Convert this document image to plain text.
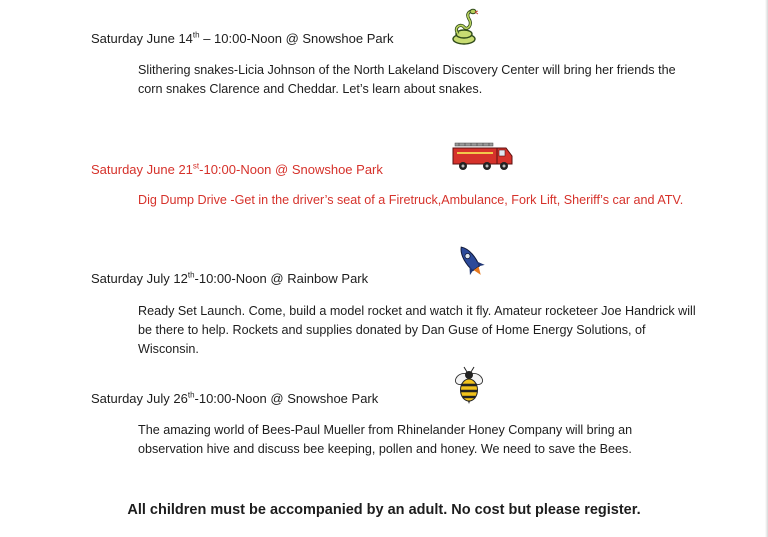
Saturday June 14th – 10:00-Noon @ Snowshoe Park
Slithering snakes-Licia Johnson of the North Lakeland Discovery Center will bring her friends the corn snakes Clarence and Cheddar. Let’s learn about snakes.
Saturday June 21st-10:00-Noon @ Snowshoe Park
Dig Dump Drive -Get in the driver’s seat of a Firetruck,Ambulance, Fork Lift, Sheriff’s car and ATV.
Saturday July 12th-10:00-Noon @ Rainbow Park
Ready Set Launch. Come, build a model rocket and watch it fly. Amateur rocketeer Joe Handrick will be there to help. Rockets and supplies donated by Dan Guse of Home Energy Solutions, of Wisconsin.
Saturday July 26th-10:00-Noon @ Snowshoe Park
The amazing world of Bees-Paul Mueller from Rhinelander Honey Company will bring an observation hive and discuss bee keeping, pollen and honey. We need to save the Bees.
All children must be accompanied by an adult. No cost but please register.
